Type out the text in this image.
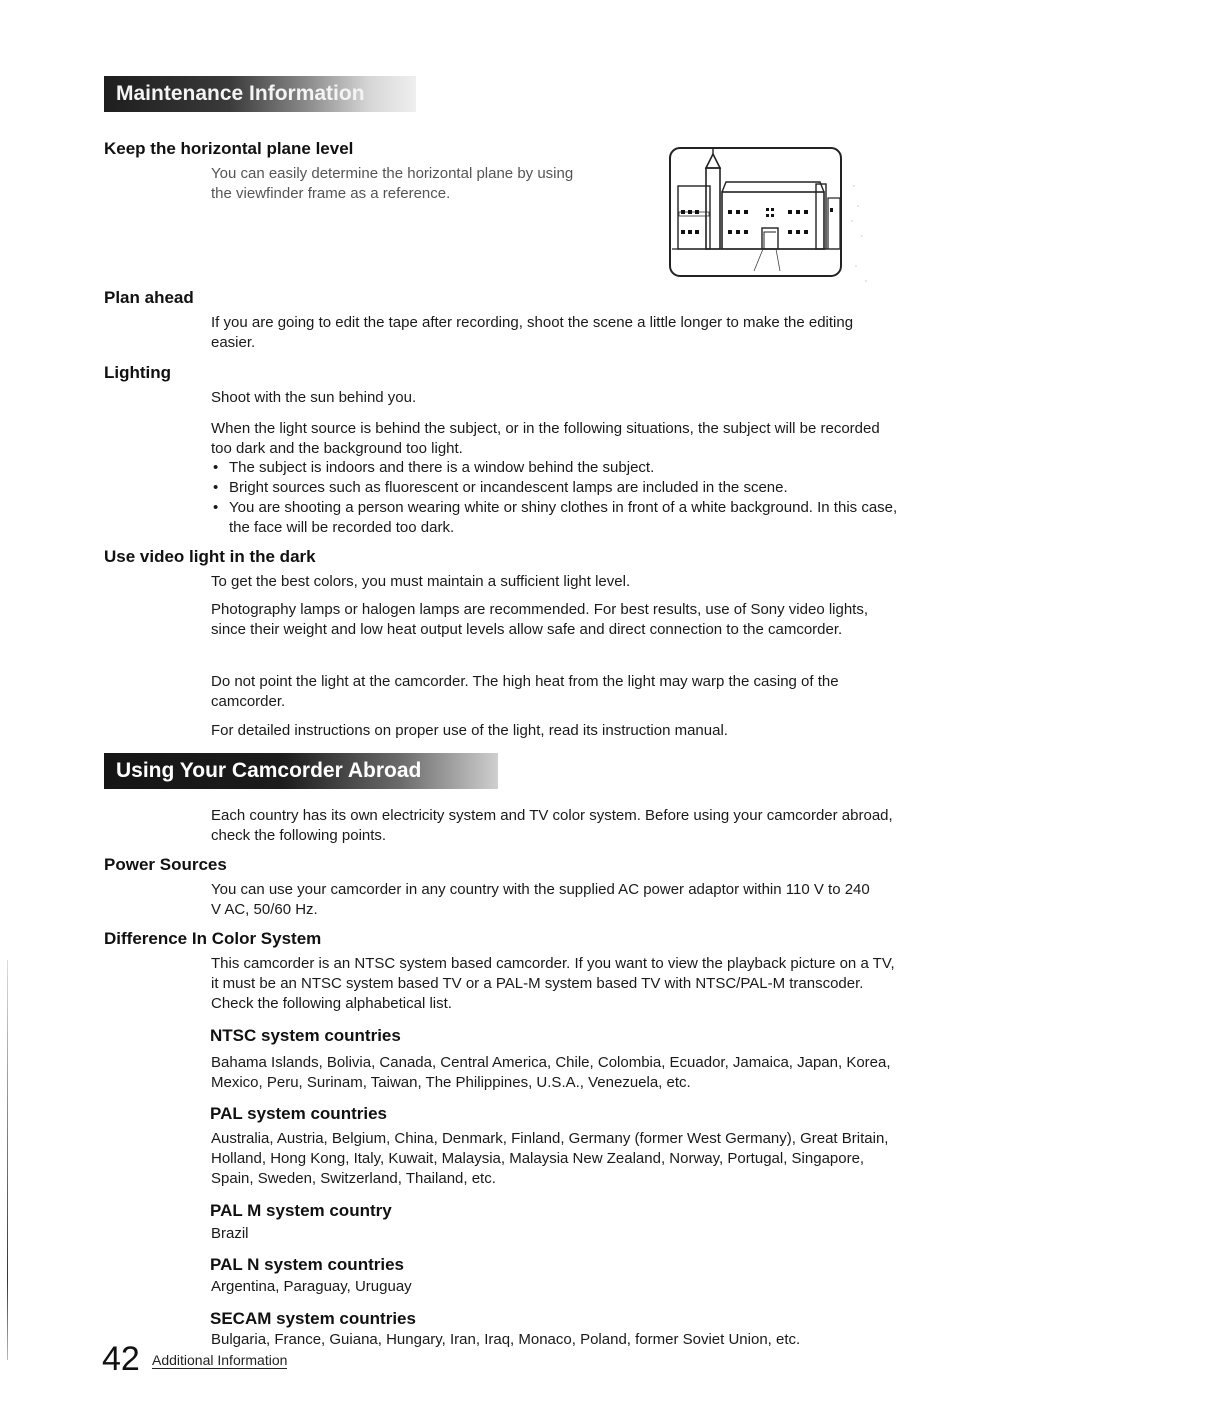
Maintenance Information
Keep the horizontal plane level
You can easily determine the horizontal plane by using the viewfinder frame as a reference.
Plan ahead
If you are going to edit the tape after recording, shoot the scene a little longer to make the editing easier.
Lighting
Shoot with the sun behind you.
When the light source is behind the subject, or in the following situations, the subject will be recorded too dark and the background too light.
• The subject is indoors and there is a window behind the subject.
• Bright sources such as fluorescent or incandescent lamps are included in the scene.
• You are shooting a person wearing white or shiny clothes in front of a white background. In this case, the face will be recorded too dark.
Use video light in the dark
To get the best colors, you must maintain a sufficient light level.
Photography lamps or halogen lamps are recommended. For best results, use of Sony video lights, since their weight and low heat output levels allow safe and direct connection to the camcorder.
Do not point the light at the camcorder. The high heat from the light may warp the casing of the camcorder.
For detailed instructions on proper use of the light, read its instruction manual.
Using Your Camcorder Abroad
Each country has its own electricity system and TV color system. Before using your camcorder abroad, check the following points.
Power Sources
You can use your camcorder in any country with the supplied AC power adaptor within 110 V to 240 V AC, 50/60 Hz.
Difference In Color System
This camcorder is an NTSC system based camcorder. If you want to view the playback picture on a TV, it must be an NTSC system based TV or a PAL-M system based TV with NTSC/PAL-M transcoder. Check the following alphabetical list.
NTSC system countries
Bahama Islands, Bolivia, Canada, Central America, Chile, Colombia, Ecuador, Jamaica, Japan, Korea, Mexico, Peru, Surinam, Taiwan, The Philippines, U.S.A., Venezuela, etc.
PAL system countries
Australia, Austria, Belgium, China, Denmark, Finland, Germany (former West Germany), Great Britain, Holland, Hong Kong, Italy, Kuwait, Malaysia, Malaysia New Zealand, Norway, Portugal, Singapore, Spain, Sweden, Switzerland, Thailand, etc.
PAL M system country
Brazil
PAL N system countries
Argentina, Paraguay, Uruguay
SECAM system countries
Bulgaria, France, Guiana, Hungary, Iran, Iraq, Monaco, Poland, former Soviet Union, etc.
42 Additional Information
